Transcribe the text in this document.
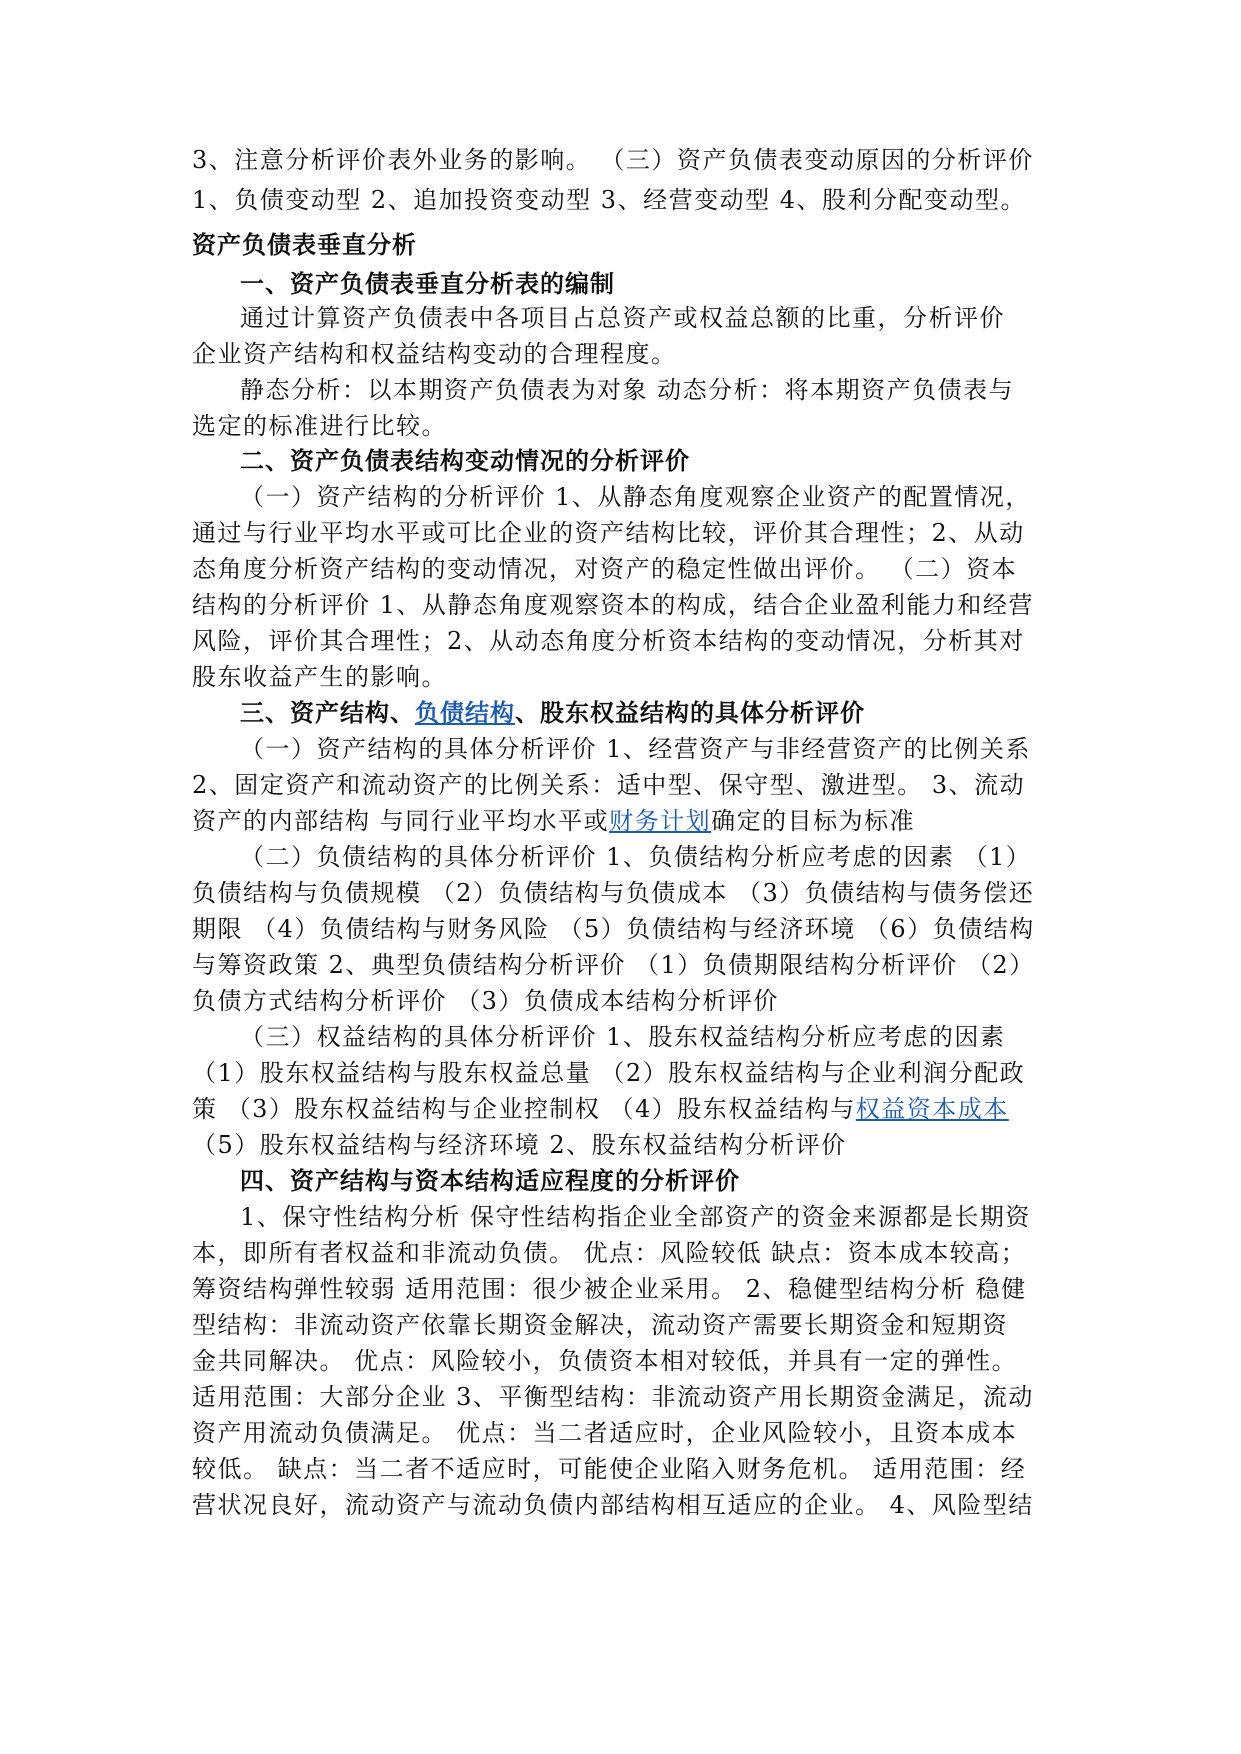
3、注意分析评价表外业务的影响。 （三）资产负债表变动原因的分析评价
1、负债变动型 2、追加投资变动型 3、经营变动型 4、股利分配变动型。
资产负债表垂直分析
一、资产负债表垂直分析表的编制
通过计算资产负债表中各项目占总资产或权益总额的比重，分析评价
企业资产结构和权益结构变动的合理程度。
静态分析：以本期资产负债表为对象 动态分析：将本期资产负债表与
选定的标准进行比较。
二、资产负债表结构变动情况的分析评价
（一）资产结构的分析评价 1、从静态角度观察企业资产的配置情况，
通过与行业平均水平或可比企业的资产结构比较，评价其合理性；2、从动
态角度分析资产结构的变动情况，对资产的稳定性做出评价。 （二）资本
结构的分析评价 1、从静态角度观察资本的构成，结合企业盈利能力和经营
风险，评价其合理性；2、从动态角度分析资本结构的变动情况，分析其对
股东收益产生的影响。
三、资产结构、负债结构、股东权益结构的具体分析评价
（一）资产结构的具体分析评价 1、经营资产与非经营资产的比例关系
2、固定资产和流动资产的比例关系：适中型、保守型、激进型。 3、流动
资产的内部结构 与同行业平均水平或财务计划确定的目标为标准
（二）负债结构的具体分析评价 1、负债结构分析应考虑的因素 （1）
负债结构与负债规模 （2）负债结构与负债成本 （3）负债结构与债务偿还
期限 （4）负债结构与财务风险 （5）负债结构与经济环境 （6）负债结构
与筹资政策 2、典型负债结构分析评价 （1）负债期限结构分析评价 （2）
负债方式结构分析评价 （3）负债成本结构分析评价
（三）权益结构的具体分析评价 1、股东权益结构分析应考虑的因素
（1）股东权益结构与股东权益总量 （2）股东权益结构与企业利润分配政
策 （3）股东权益结构与企业控制权 （4）股东权益结构与权益资本成本
（5）股东权益结构与经济环境 2、股东权益结构分析评价
四、资产结构与资本结构适应程度的分析评价
1、保守性结构分析 保守性结构指企业全部资产的资金来源都是长期资
本，即所有者权益和非流动负债。 优点：风险较低 缺点：资本成本较高；
筹资结构弹性较弱 适用范围：很少被企业采用。 2、稳健型结构分析 稳健
型结构：非流动资产依靠长期资金解决，流动资产需要长期资金和短期资
金共同解决。 优点：风险较小，负债资本相对较低，并具有一定的弹性。
适用范围：大部分企业 3、平衡型结构：非流动资产用长期资金满足，流动
资产用流动负债满足。 优点：当二者适应时，企业风险较小，且资本成本
较低。 缺点：当二者不适应时，可能使企业陷入财务危机。 适用范围：经
营状况良好，流动资产与流动负债内部结构相互适应的企业。 4、风险型结
